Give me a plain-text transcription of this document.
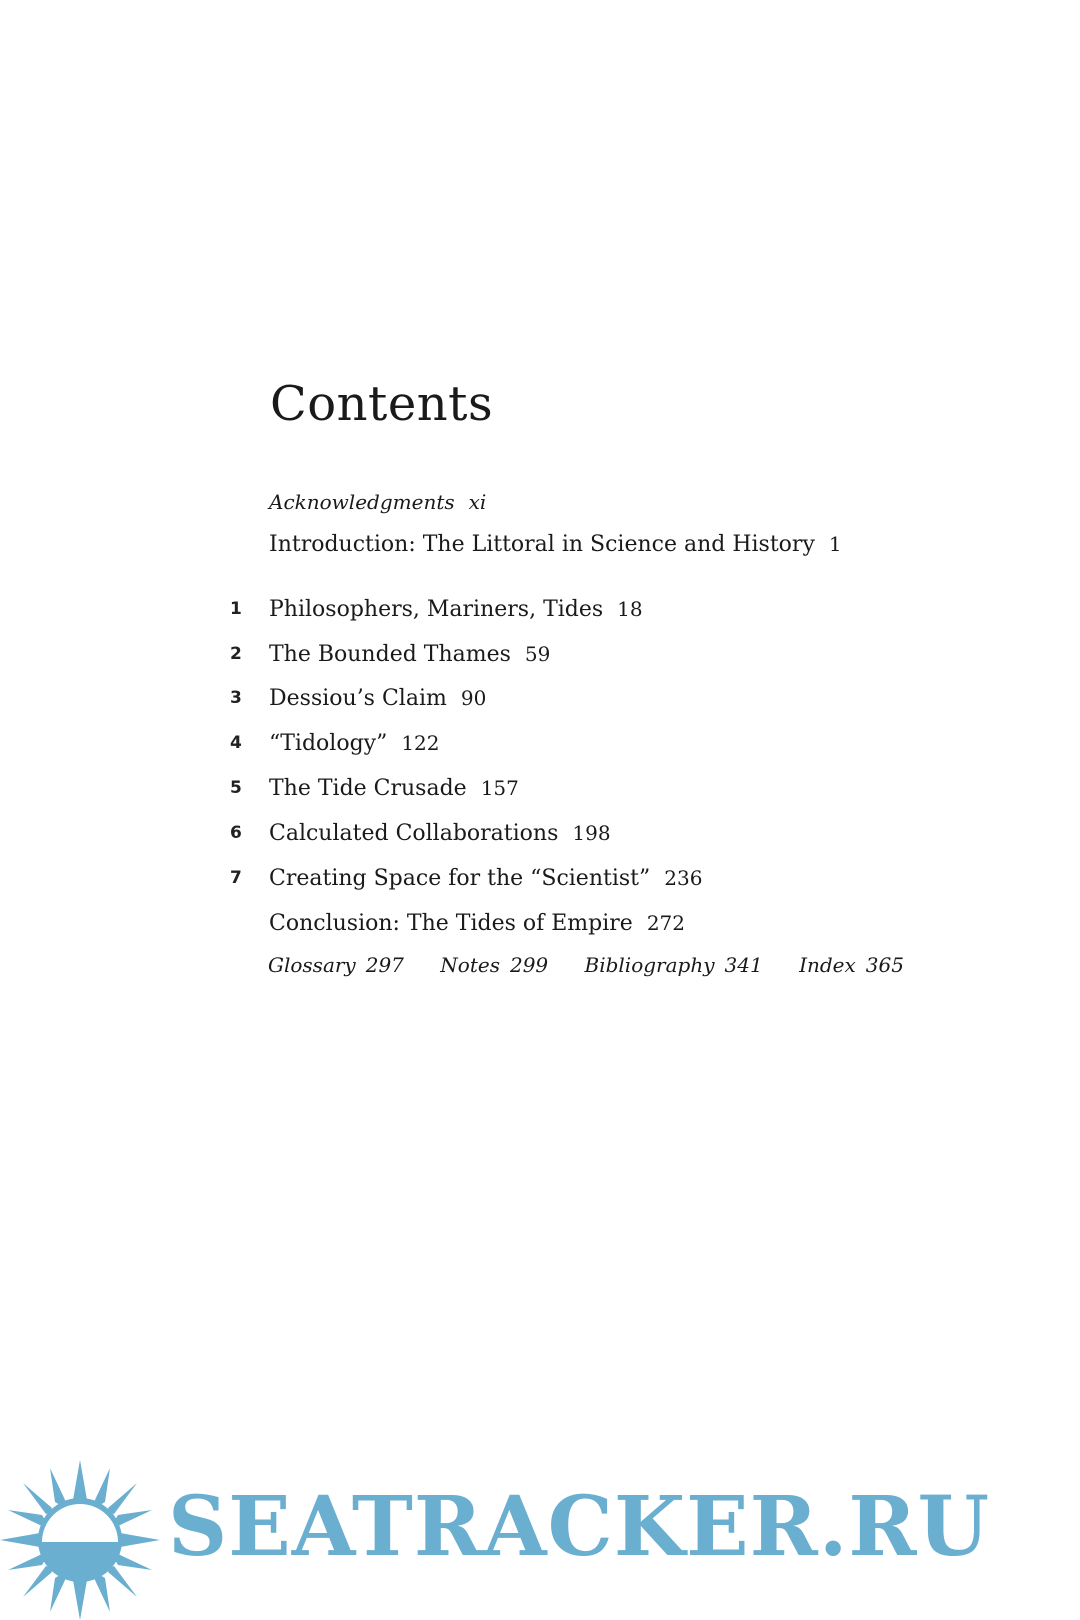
Contents
Acknowledgments xi
Introduction: The Littoral in Science and History 1
1 Philosophers, Mariners, Tides 18
2 The Bounded Thames 59
3 Dessiou’s Claim 90
4 “Tidology” 122
5 The Tide Crusade 157
6 Calculated Collaborations 198
7 Creating Space for the “Scientist” 236
Conclusion: The Tides of Empire 272
Glossary 297 Notes 299 Bibliography 341 Index 365
SEATRACKER.RU
